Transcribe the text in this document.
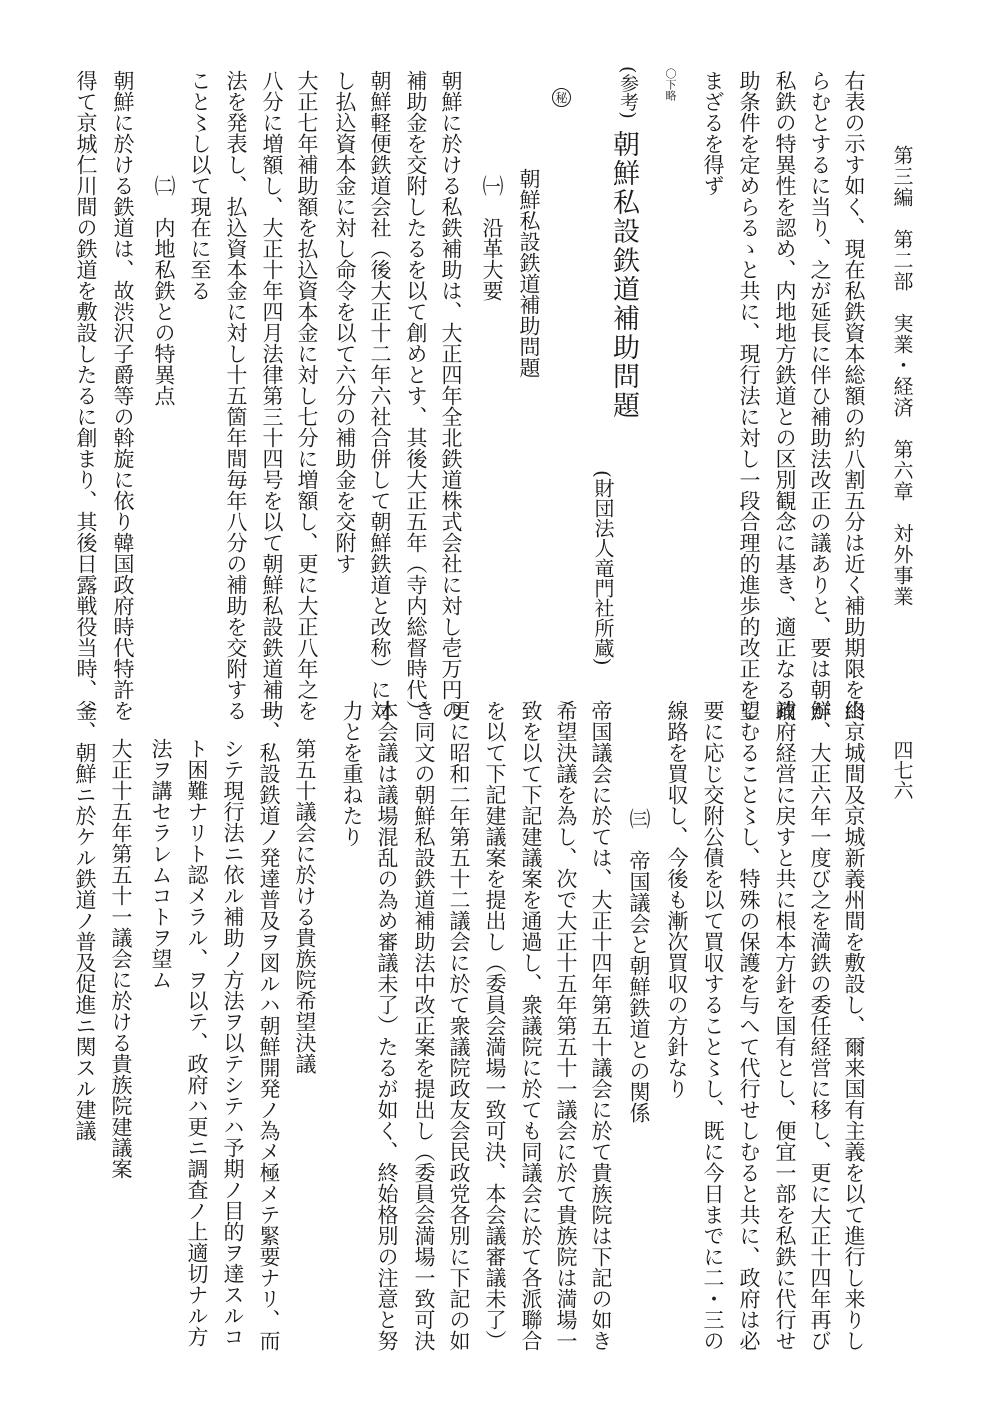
第三編　第二部　実業・経済　第六章　対外事業
四七六
右表の示す如く、現在私鉄資本総額の約八割五分は近く補助期限を終
らむとするに当り、之が延長に伴ひ補助法改正の議ありと、要は朝鮮
私鉄の特異性を認め、内地地方鉄道との区別観念に基き、適正なる補
助条件を定めらるゝと共に、現行法に対し一段合理的進歩的改正を望
まざるを得ず
〇下略
(参考)
朝鮮私設鉄道補助問題
(財団法人竜門社所蔵)
秘
朝鮮私設鉄道補助問題
㈠　沿革大要
朝鮮に於ける私鉄補助は、大正四年全北鉄道株式会社に対し壱万円の
補助金を交附したるを以て創めとす、其後大正五年（寺内総督時代）
朝鮮軽便鉄道会社（後大正十二年六社合併して朝鮮鉄道と改称）に対
し払込資本金に対し命令を以て六分の補助金を交附す
大正七年補助額を払込資本金に対し七分に増額し、更に大正八年之を
八分に増額し、大正十年四月法律第三十四号を以て朝鮮私設鉄道補助
法を発表し、払込資本金に対し十五箇年間毎年八分の補助を交附する
こと〻し以て現在に至る
㈡　内地私鉄との特異点
朝鮮に於ける鉄道は、故渋沢子爵等の斡旋に依り韓国政府時代特許を
得て京城仁川間の鉄道を敷設したるに創まり、其後日露戦役当時、釜
山京城間及京城新義州間を敷設し、爾来国有主義を以て進行し来りし
が、大正六年一度び之を満鉄の委任経営に移し、更に大正十四年再び
政府経営に戻すと共に根本方針を国有とし、便宜一部を私鉄に代行せ
しむること〻し、特殊の保護を与へて代行せしむると共に、政府は必
要に応じ交附公債を以て買収すること〻し、既に今日までに二・三の
線路を買収し、今後も漸次買収の方針なり
㈢　帝国議会と朝鮮鉄道との関係
帝国議会に於ては、大正十四年第五十議会に於て貴族院は下記の如き
希望決議を為し、次で大正十五年第五十一議会に於て貴族院は満場一
致を以て下記建議案を通過し、衆議院に於ても同議会に於て各派聯合
を以て下記建議案を提出し（委員会満場一致可決、本会議審議未了）
更に昭和二年第五十二議会に於て衆議院政友会民政党各別に下記の如
き同文の朝鮮私設鉄道補助法中改正案を提出し（委員会満場一致可決
本会議は議場混乱の為め審議未了）たるが如く、終始格別の注意と努
力とを重ねたり
第五十議会に於ける貴族院希望決議
一、私設鉄道ノ発達普及ヲ図ルハ朝鮮開発ノ為メ極メテ緊要ナリ、而
シテ現行法ニ依ル補助ノ方法ヲ以テシテハ予期ノ目的ヲ達スルコ
ト困難ナリト認メラル、ヲ以テ、政府ハ更ニ調査ノ上適切ナル方
法ヲ講セラレムコトヲ望ム
大正十五年第五十一議会に於ける貴族院建議案
一、朝鮮ニ於ケル鉄道ノ普及促進ニ関スル建議
